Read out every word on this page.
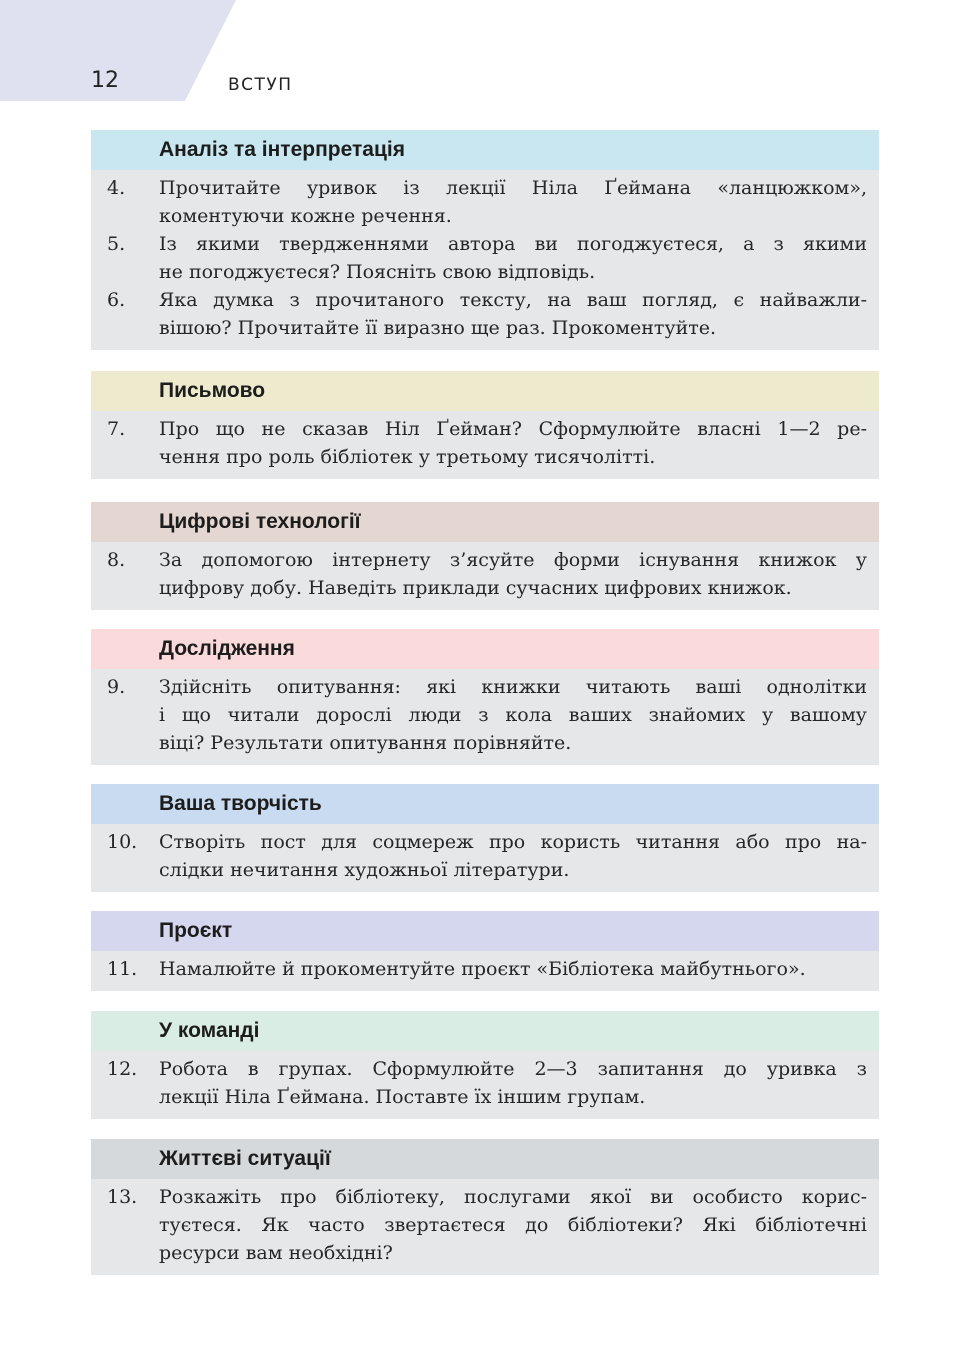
12	ВСТУП
Аналіз та інтерпретація
4.	Прочитайте уривок із лекції Ніла Ґеймана «ланцюжком»,
коментуючи кожне речення.
5.	Із якими твердженнями автора ви погоджуєтеся, а з якими
не погоджуєтеся? Поясніть свою відповідь.
6.	Яка думка з прочитаного тексту, на ваш погляд, є найважли-
вішою? Прочитайте її виразно ще раз. Прокоментуйте.
Письмово
7.	Про що не сказав Ніл Ґейман? Сформулюйте власні 1—2 ре-
чення про роль бібліотек у третьому тисячолітті.
Цифрові технології
8.	За допомогою інтернету з’ясуйте форми існування книжок у
цифрову добу. Наведіть приклади сучасних цифрових книжок.
Дослідження
9.	Здійсніть опитування: які книжки читають ваші однолітки
і що читали дорослі люди з кола ваших знайомих у вашому
віці? Результати опитування порівняйте.
Ваша творчість
10.	Створіть пост для соцмереж про користь читання або про на-
слідки нечитання художньої літератури.
Проєкт
11.	Намалюйте й прокоментуйте проєкт «Бібліотека майбутнього».
У команді
12.	Робота в групах. Сформулюйте 2—3 запитання до уривка з
лекції Ніла Ґеймана. Поставте їх іншим групам.
Життєві ситуації
13.	Розкажіть про бібліотеку, послугами якої ви особисто корис-
туєтеся. Як часто звертаєтеся до бібліотеки? Які бібліотечні
ресурси вам необхідні?
